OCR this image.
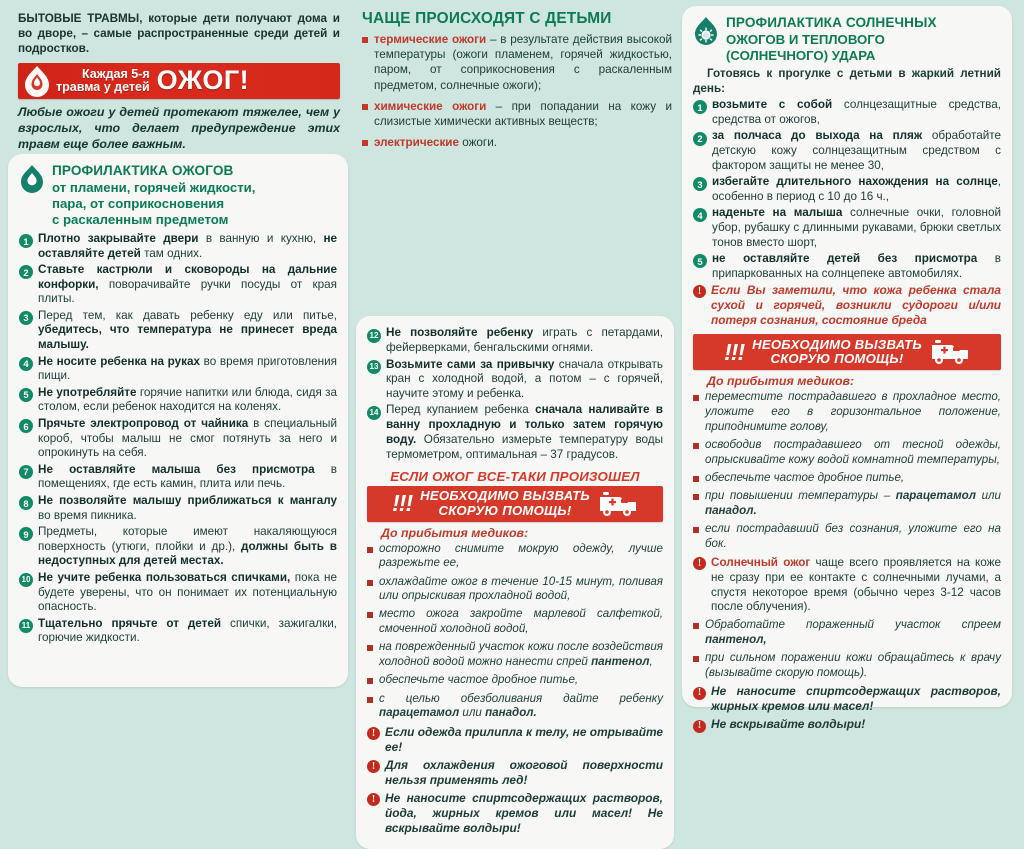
БЫТОВЫЕ ТРАВМЫ, которые дети получают дома и во дворе, – самые распространенные среди детей и подростков.
Каждая 5-я
травма у детей ОЖОГ!
Любые ожоги у детей протекают тяжелее, чем у взрослых, что делает предупреждение этих травм еще более важным.
ПРОФИЛАКТИКА ОЖОГОВ
от пламени, горячей жидкости,
пара, от соприкосновения
с раскаленным предметом
1 Плотно закрывайте двери в ванную и кухню, не оставляйте детей там одних.
2 Ставьте кастрюли и сковороды на дальние конфорки, поворачивайте ручки посуды от края плиты.
3 Перед тем, как давать ребенку еду или питье, убедитесь, что температура не принесет вреда малышу.
4 Не носите ребенка на руках во время приготовления пищи.
5 Не употребляйте горячие напитки или блюда, сидя за столом, если ребенок находится на коленях.
6 Прячьте электропровод от чайника в специальный короб, чтобы малыш не смог потянуть за него и опрокинуть на себя.
7 Не оставляйте малыша без присмотра в помещениях, где есть камин, плита или печь.
8 Не позволяйте малышу приближаться к мангалу во время пикника.
9 Предметы, которые имеют накаляющуюся поверхность (утюги, плойки и др.), должны быть в недоступных для детей местах.
10 Не учите ребенка пользоваться спичками, пока не будете уверены, что он понимает их потенциальную опасность.
11 Тщательно прячьте от детей спички, зажигалки, горючие жидкости.
ЧАЩЕ ПРОИСХОДЯТ С ДЕТЬМИ
термические ожоги – в результате действия высокой температуры (ожоги пламенем, горячей жидкостью, паром, от соприкосновения с раскаленным предметом, солнечные ожоги);
химические ожоги – при попадании на кожу и слизистые химически активных веществ;
электрические ожоги.
12 Не позволяйте ребенку играть с петардами, фейерверками, бенгальскими огнями.
13 Возьмите сами за привычку сначала открывать кран с холодной водой, а потом – с горячей, научите этому и ребенка.
14 Перед купанием ребенка сначала наливайте в ванну прохладную и только затем горячую воду. Обязательно измерьте температуру воды термометром, оптимальная – 37 градусов.
ЕСЛИ ОЖОГ ВСЕ-ТАКИ ПРОИЗОШЕЛ
!!! НЕОБХОДИМО ВЫЗВАТЬ
СКОРУЮ ПОМОЩЬ!
До прибытия медиков:
осторожно снимите мокрую одежду, лучше разрежьте ее,
охлаждайте ожог в течение 10-15 минут, поливая или опрыскивая прохладной водой,
место ожога закройте марлевой салфеткой, смоченной холодной водой,
на поврежденный участок кожи после воздействия холодной водой можно нанести спрей пантенол,
обеспечьте частое дробное питье,
с целью обезболивания дайте ребенку парацетамол или панадол.
! Если одежда прилипла к телу, не отрывайте ее!
! Для охлаждения ожоговой поверхности нельзя применять лед!
! Не наносите спиртсодержащих растворов, йода, жирных кремов или масел! Не вскрывайте волдыри!
ПРОФИЛАКТИКА СОЛНЕЧНЫХ
ОЖОГОВ И ТЕПЛОВОГО
(СОЛНЕЧНОГО) УДАРА
Готовясь к прогулке с детьми в жаркий летний день:
1 возьмите с собой солнцезащитные средства, средства от ожогов,
2 за полчаса до выхода на пляж обработайте детскую кожу солнцезащитным средством с фактором защиты не менее 30,
3 избегайте длительного нахождения на солнце, особенно в период с 10 до 16 ч.,
4 наденьте на малыша солнечные очки, головной убор, рубашку с длинными рукавами, брюки светлых тонов вместо шорт,
5 не оставляйте детей без присмотра в припаркованных на солнцепеке автомобилях.
! Если Вы заметили, что кожа ребенка стала сухой и горячей, возникли судороги и/или потеря сознания, состояние бреда
!!! НЕОБХОДИМО ВЫЗВАТЬ
СКОРУЮ ПОМОЩЬ!
До прибытия медиков:
переместите пострадавшего в прохладное место, уложите его в горизонтальное положение, приподнимите голову,
освободив пострадавшего от тесной одежды, опрыскивайте кожу водой комнатной температуры,
обеспечьте частое дробное питье,
при повышении температуры – парацетамол или панадол.
если пострадавший без сознания, уложите его на бок.
! Солнечный ожог чаще всего проявляется на коже не сразу при ее контакте с солнечными лучами, а спустя некоторое время (обычно через 3-12 часов после облучения).
Обработайте пораженный участок спреем пантенол,
при сильном поражении кожи обращайтесь к врачу (вызывайте скорую помощь).
! Не наносите спиртсодержащих растворов, жирных кремов или масел!
! Не вскрывайте волдыри!
